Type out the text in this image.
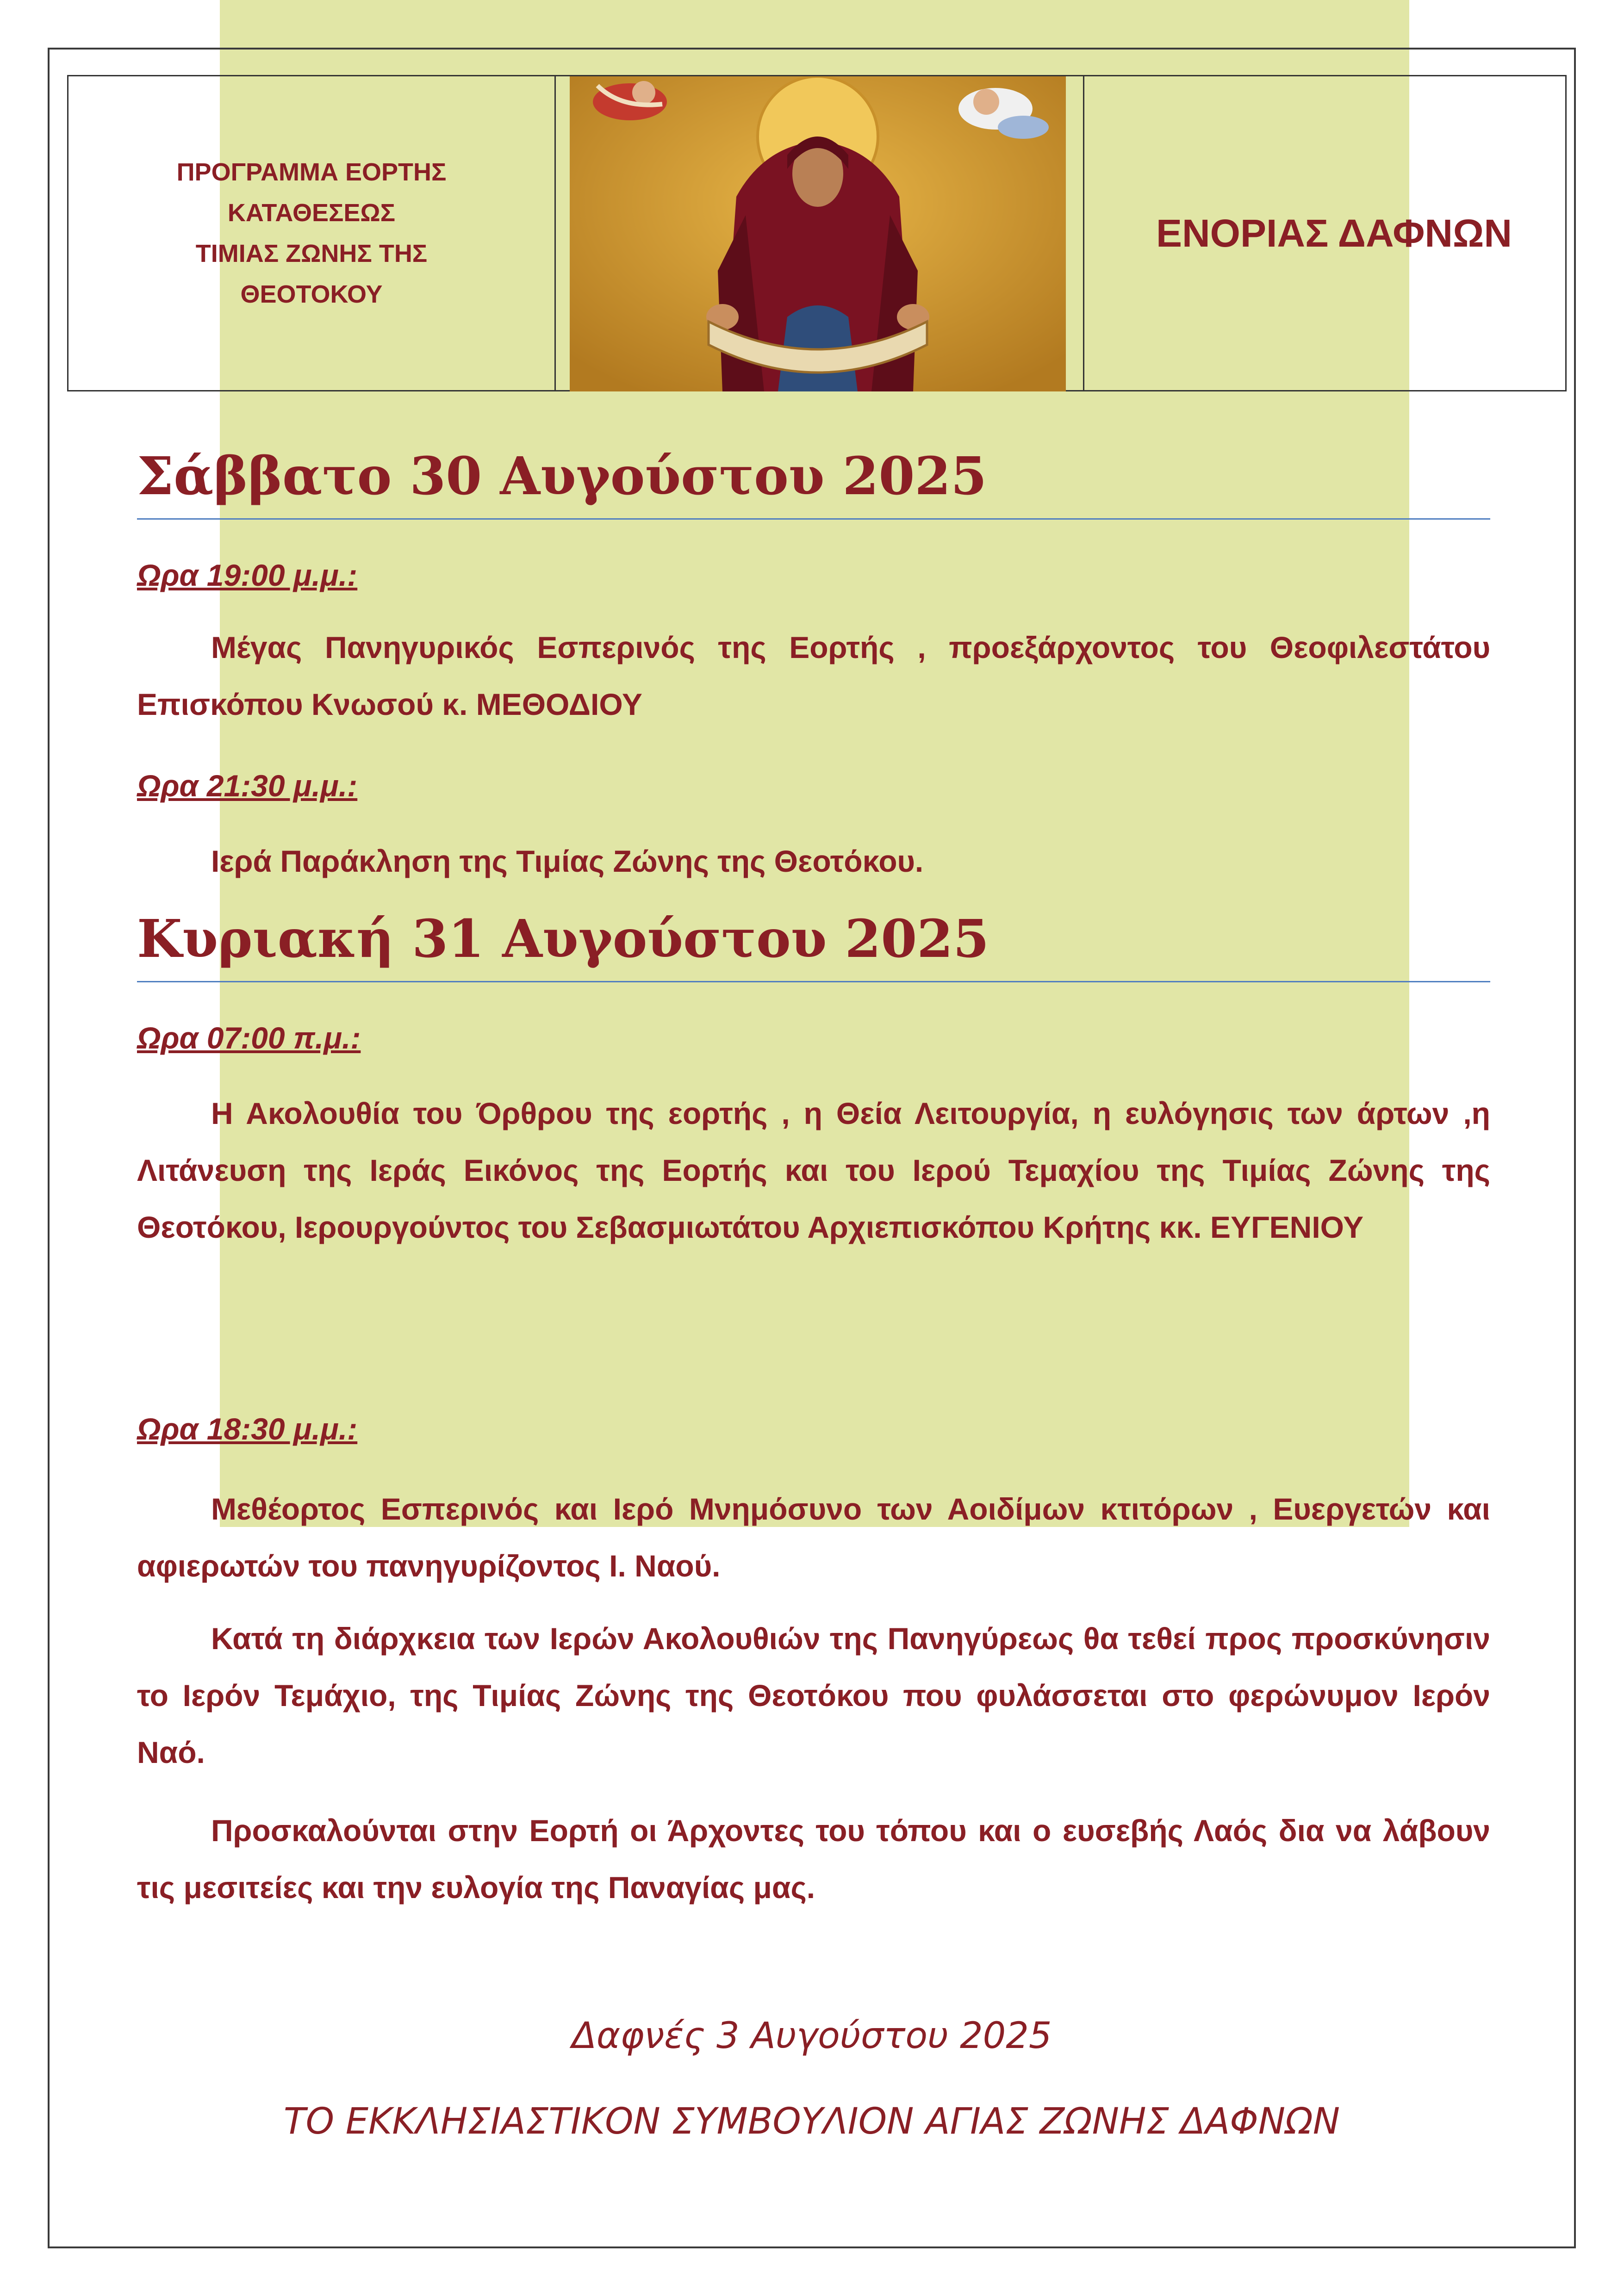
ΠΡΟΓΡΑΜΜΑ ΕΟΡΤΗΣ
ΚΑΤΑΘΕΣΕΩΣ
ΤΙΜΙΑΣ ΖΩΝΗΣ ΤΗΣ
ΘΕΟΤΟΚΟΥ

ΕΝΟΡΙΑΣ ΔΑΦΝΩΝ
Σάββατο 30 Αυγούστου 2025
Ωρα 19:00 μ.μ.:

Μέγας Πανηγυρικός Εσπερινός της Εορτής , προεξάρχοντος του Θεοφιλεστάτου Επισκόπου Κνωσού κ. ΜΕΘΟΔΙΟΥ

Ωρα 21:30 μ.μ.:

Ιερά Παράκληση της Τιμίας Ζώνης της Θεοτόκου.

Κυριακή 31 Αυγούστου 2025
Ωρα 07:00 π.μ.:

Η Ακολουθία του Όρθρου της εορτής , η Θεία Λειτουργία, η ευλόγησις των άρτων ,η Λιτάνευση της Ιεράς Εικόνος της Εορτής και του Ιερού Τεμαχίου της Τιμίας Ζώνης της Θεοτόκου, Ιερουργούντος του Σεβασμιωτάτου Αρχιεπισκόπου Κρήτης κκ. ΕΥΓΕΝΙΟΥ

Ωρα 18:30 μ.μ.:

Μεθέορτος Εσπερινός και Ιερό Μνημόσυνο των Αοιδίμων κτιτόρων , Ευεργετών και αφιερωτών του πανηγυρίζοντος Ι. Ναού.

Κατά τη διάρχκεια των Ιερών Ακολουθιών της Πανηγύρεως θα τεθεί προς προσκύνησιν το Ιερόν Τεμάχιο, της Τιμίας Ζώνης της Θεοτόκου που φυλάσσεται στο φερώνυμον Ιερόν Ναό.

Προσκαλούνται στην Εορτή οι Άρχοντες του τόπου και ο ευσεβής Λαός δια να λάβουν τις μεσιτείες και την ευλογία της Παναγίας μας.

Δαφνές 3 Αυγούστου 2025
ΤΟ ΕΚΚΛΗΣΙΑΣΤΙΚΟΝ ΣΥΜΒΟΥΛΙΟΝ ΑΓΙΑΣ ΖΩΝΗΣ ΔΑΦΝΩΝ
